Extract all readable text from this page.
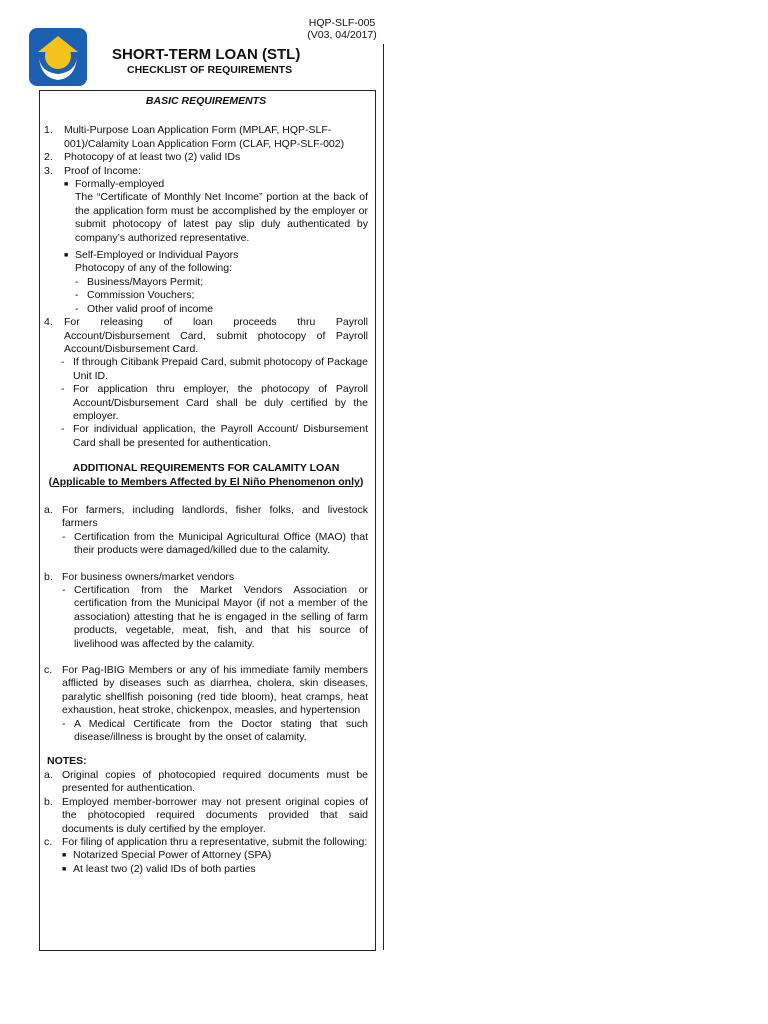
HQP-SLF-005
(V03, 04/2017)
SHORT-TERM LOAN (STL)
CHECKLIST OF REQUIREMENTS

BASIC REQUIREMENTS

1.	Multi-Purpose Loan Application Form (MPLAF, HQP-SLF-001)/Calamity Loan Application Form (CLAF, HQP-SLF-002)
2.	Photocopy of at least two (2) valid IDs
3.	Proof of Income:
■ Formally-employed

The “Certificate of Monthly Net Income” portion at the back of the application form must be accomplished by the employer or submit photocopy of latest pay slip duly authenticated by company’s authorized representative.

■ Self-Employed or Individual Payors

Photocopy of any of the following:

- Business/Mayors Permit;
- Commission Vouchers;
- Other valid proof of income
4.	For releasing of loan proceeds thru Payroll Account/Disbursement Card, submit photocopy of Payroll Account/Disbursement Card.
- If through Citibank Prepaid Card, submit photocopy of Package Unit ID.
- For application thru employer, the photocopy of Payroll Account/Disbursement Card shall be duly certified by the employer.
- For individual application, the Payroll Account/ Disbursement Card shall be presented for authentication.

ADDITIONAL REQUIREMENTS FOR CALAMITY LOAN

(Applicable to Members Affected by El Niño Phenomenon only)

a. For farmers, including landlords, fisher folks, and livestock farmers
- Certification from the Municipal Agricultural Office (MAO) that their products were damaged/killed due to the calamity.
b. For business owners/market vendors
- Certification from the Market Vendors Association or certification from the Municipal Mayor (if not a member of the association) attesting that he is engaged in the selling of farm products, vegetable, meat, fish, and that his source of livelihood was affected by the calamity.
c. For Pag-IBIG Members or any of his immediate family members afflicted by diseases such as diarrhea, cholera, skin diseases, paralytic shellfish poisoning (red tide bloom), heat cramps, heat exhaustion, heat stroke, chickenpox, measles, and hypertension
- A Medical Certificate from the Doctor stating that such disease/illness is brought by the onset of calamity.

NOTES:

a. Original copies of photocopied required documents must be presented for authentication.
b. Employed member-borrower may not present original copies of the photocopied required documents provided that said documents is duly certified by the employer.
c. For filing of application thru a representative, submit the following:
■ Notarized Special Power of Attorney (SPA)
■ At least two (2) valid IDs of both parties
